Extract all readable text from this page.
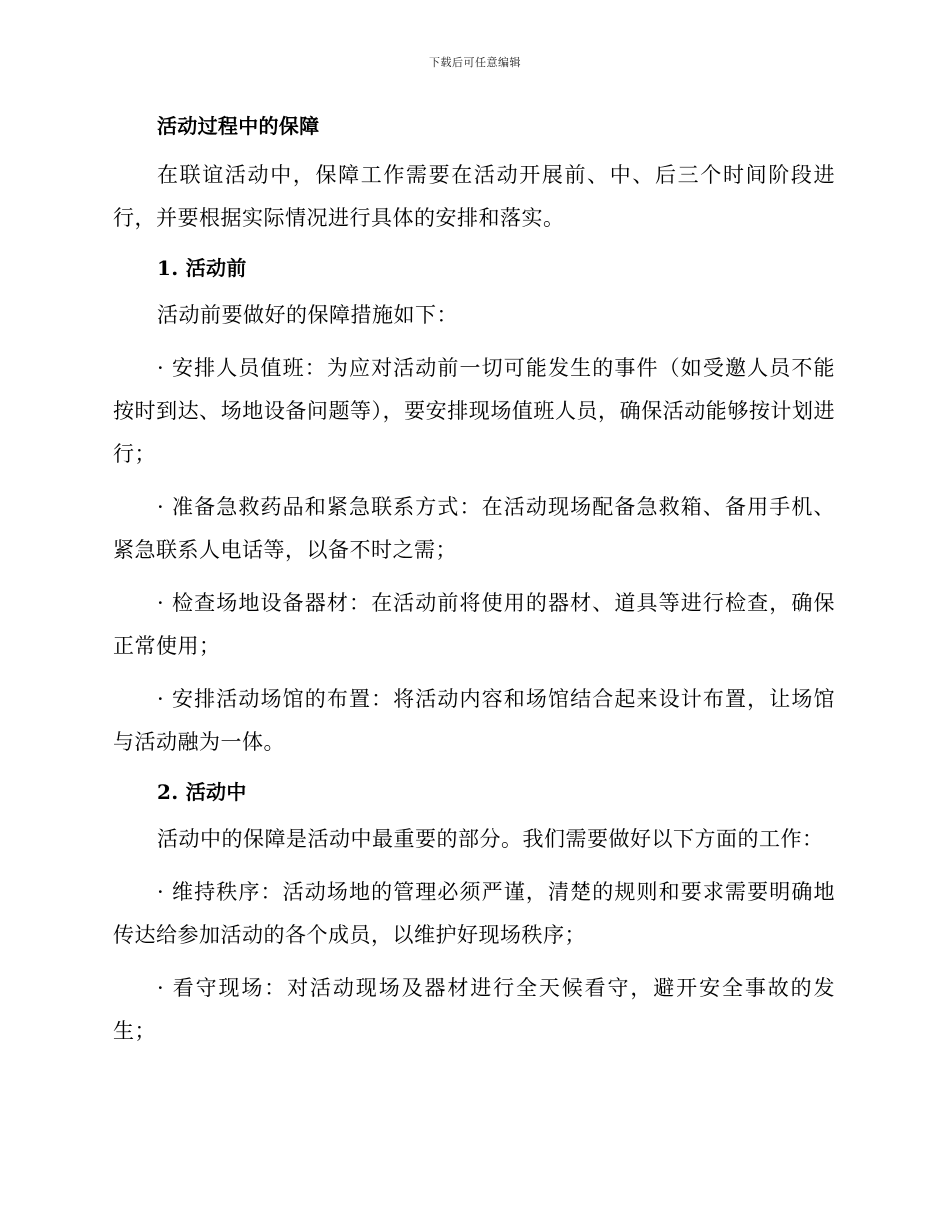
下载后可任意编辑
活动过程中的保障

在联谊活动中，保障工作需要在活动开展前、中、后三个时间阶段进行，并要根据实际情况进行具体的安排和落实。

1. 活动前

活动前要做好的保障措施如下：

· 安排人员值班：为应对活动前一切可能发生的事件（如受邀人员不能按时到达、场地设备问题等），要安排现场值班人员，确保活动能够按计划进行；

· 准备急救药品和紧急联系方式：在活动现场配备急救箱、备用手机、紧急联系人电话等，以备不时之需；

· 检查场地设备器材：在活动前将使用的器材、道具等进行检查，确保正常使用；

· 安排活动场馆的布置：将活动内容和场馆结合起来设计布置，让场馆与活动融为一体。

2. 活动中

活动中的保障是活动中最重要的部分。我们需要做好以下方面的工作：

· 维持秩序：活动场地的管理必须严谨，清楚的规则和要求需要明确地传达给参加活动的各个成员，以维护好现场秩序；

· 看守现场：对活动现场及器材进行全天候看守，避开安全事故的发生；
